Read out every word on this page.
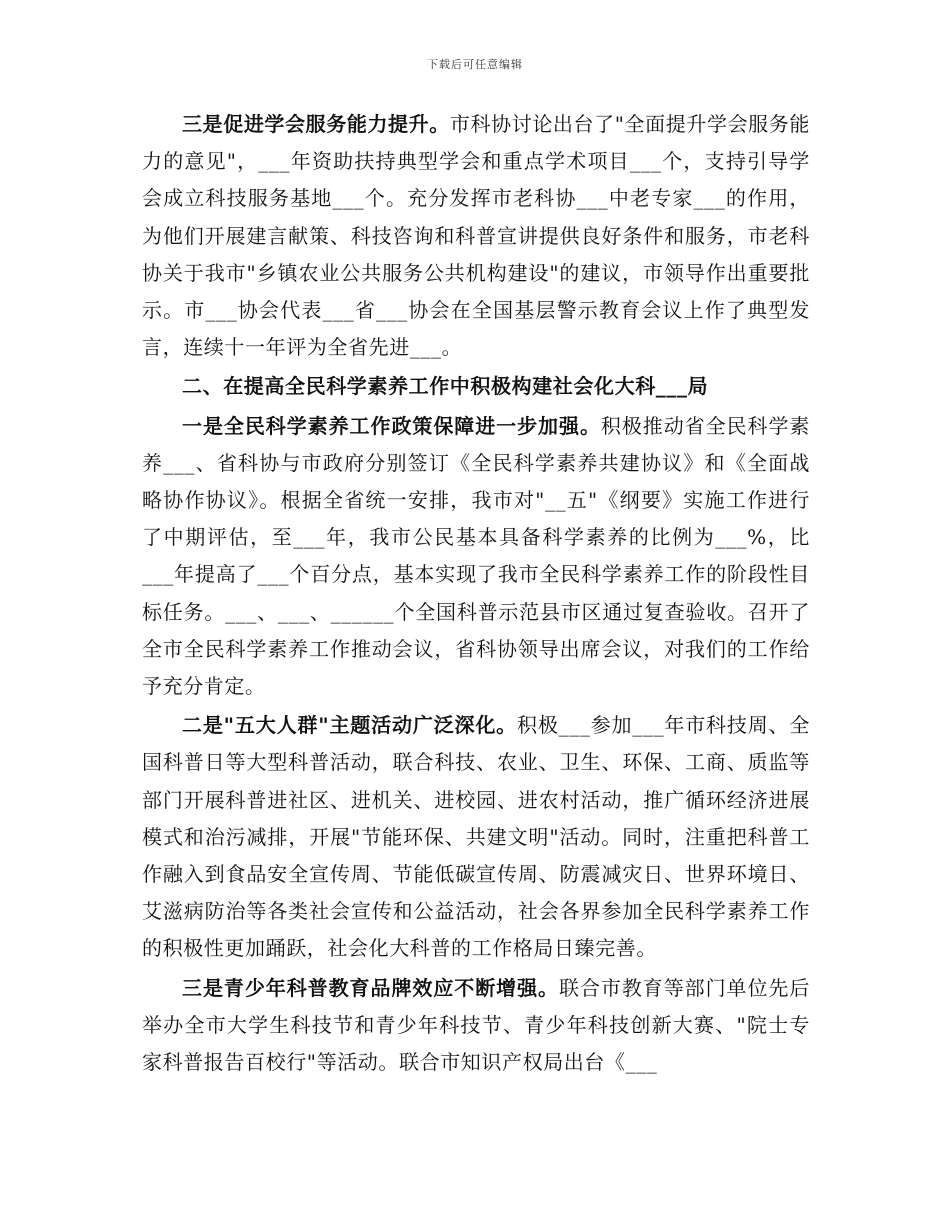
下载后可任意编辑

三是促进学会服务能力提升。市科协讨论出台了"全面提升学会服务能力的意见"，___年资助扶持典型学会和重点学术项目___个，支持引导学会成立科技服务基地___个。充分发挥市老科协___中老专家___的作用，为他们开展建言献策、科技咨询和科普宣讲提供良好条件和服务，市老科协关于我市"乡镇农业公共服务公共机构建设"的建议，市领导作出重要批示。市___协会代表___省___协会在全国基层警示教育会议上作了典型发言，连续十一年评为全省先进___。

二、在提高全民科学素养工作中积极构建社会化大科___局

一是全民科学素养工作政策保障进一步加强。积极推动省全民科学素养___、省科协与市政府分别签订《全民科学素养共建协议》和《全面战略协作协议》。根据全省统一安排，我市对"__五"《纲要》实施工作进行了中期评估，至___年，我市公民基本具备科学素养的比例为___%，比___年提高了___个百分点，基本实现了我市全民科学素养工作的阶段性目标任务。___、___、______个全国科普示范县市区通过复查验收。召开了全市全民科学素养工作推动会议，省科协领导出席会议，对我们的工作给予充分肯定。

二是"五大人群"主题活动广泛深化。积极___参加___年市科技周、全国科普日等大型科普活动，联合科技、农业、卫生、环保、工商、质监等部门开展科普进社区、进机关、进校园、进农村活动，推广循环经济进展模式和治污减排，开展"节能环保、共建文明"活动。同时，注重把科普工作融入到食品安全宣传周、节能低碳宣传周、防震减灾日、世界环境日、艾滋病防治等各类社会宣传和公益活动，社会各界参加全民科学素养工作的积极性更加踊跃，社会化大科普的工作格局日臻完善。

三是青少年科普教育品牌效应不断增强。联合市教育等部门单位先后举办全市大学生科技节和青少年科技节、青少年科技创新大赛、"院士专家科普报告百校行"等活动。联合市知识产权局出台《___
